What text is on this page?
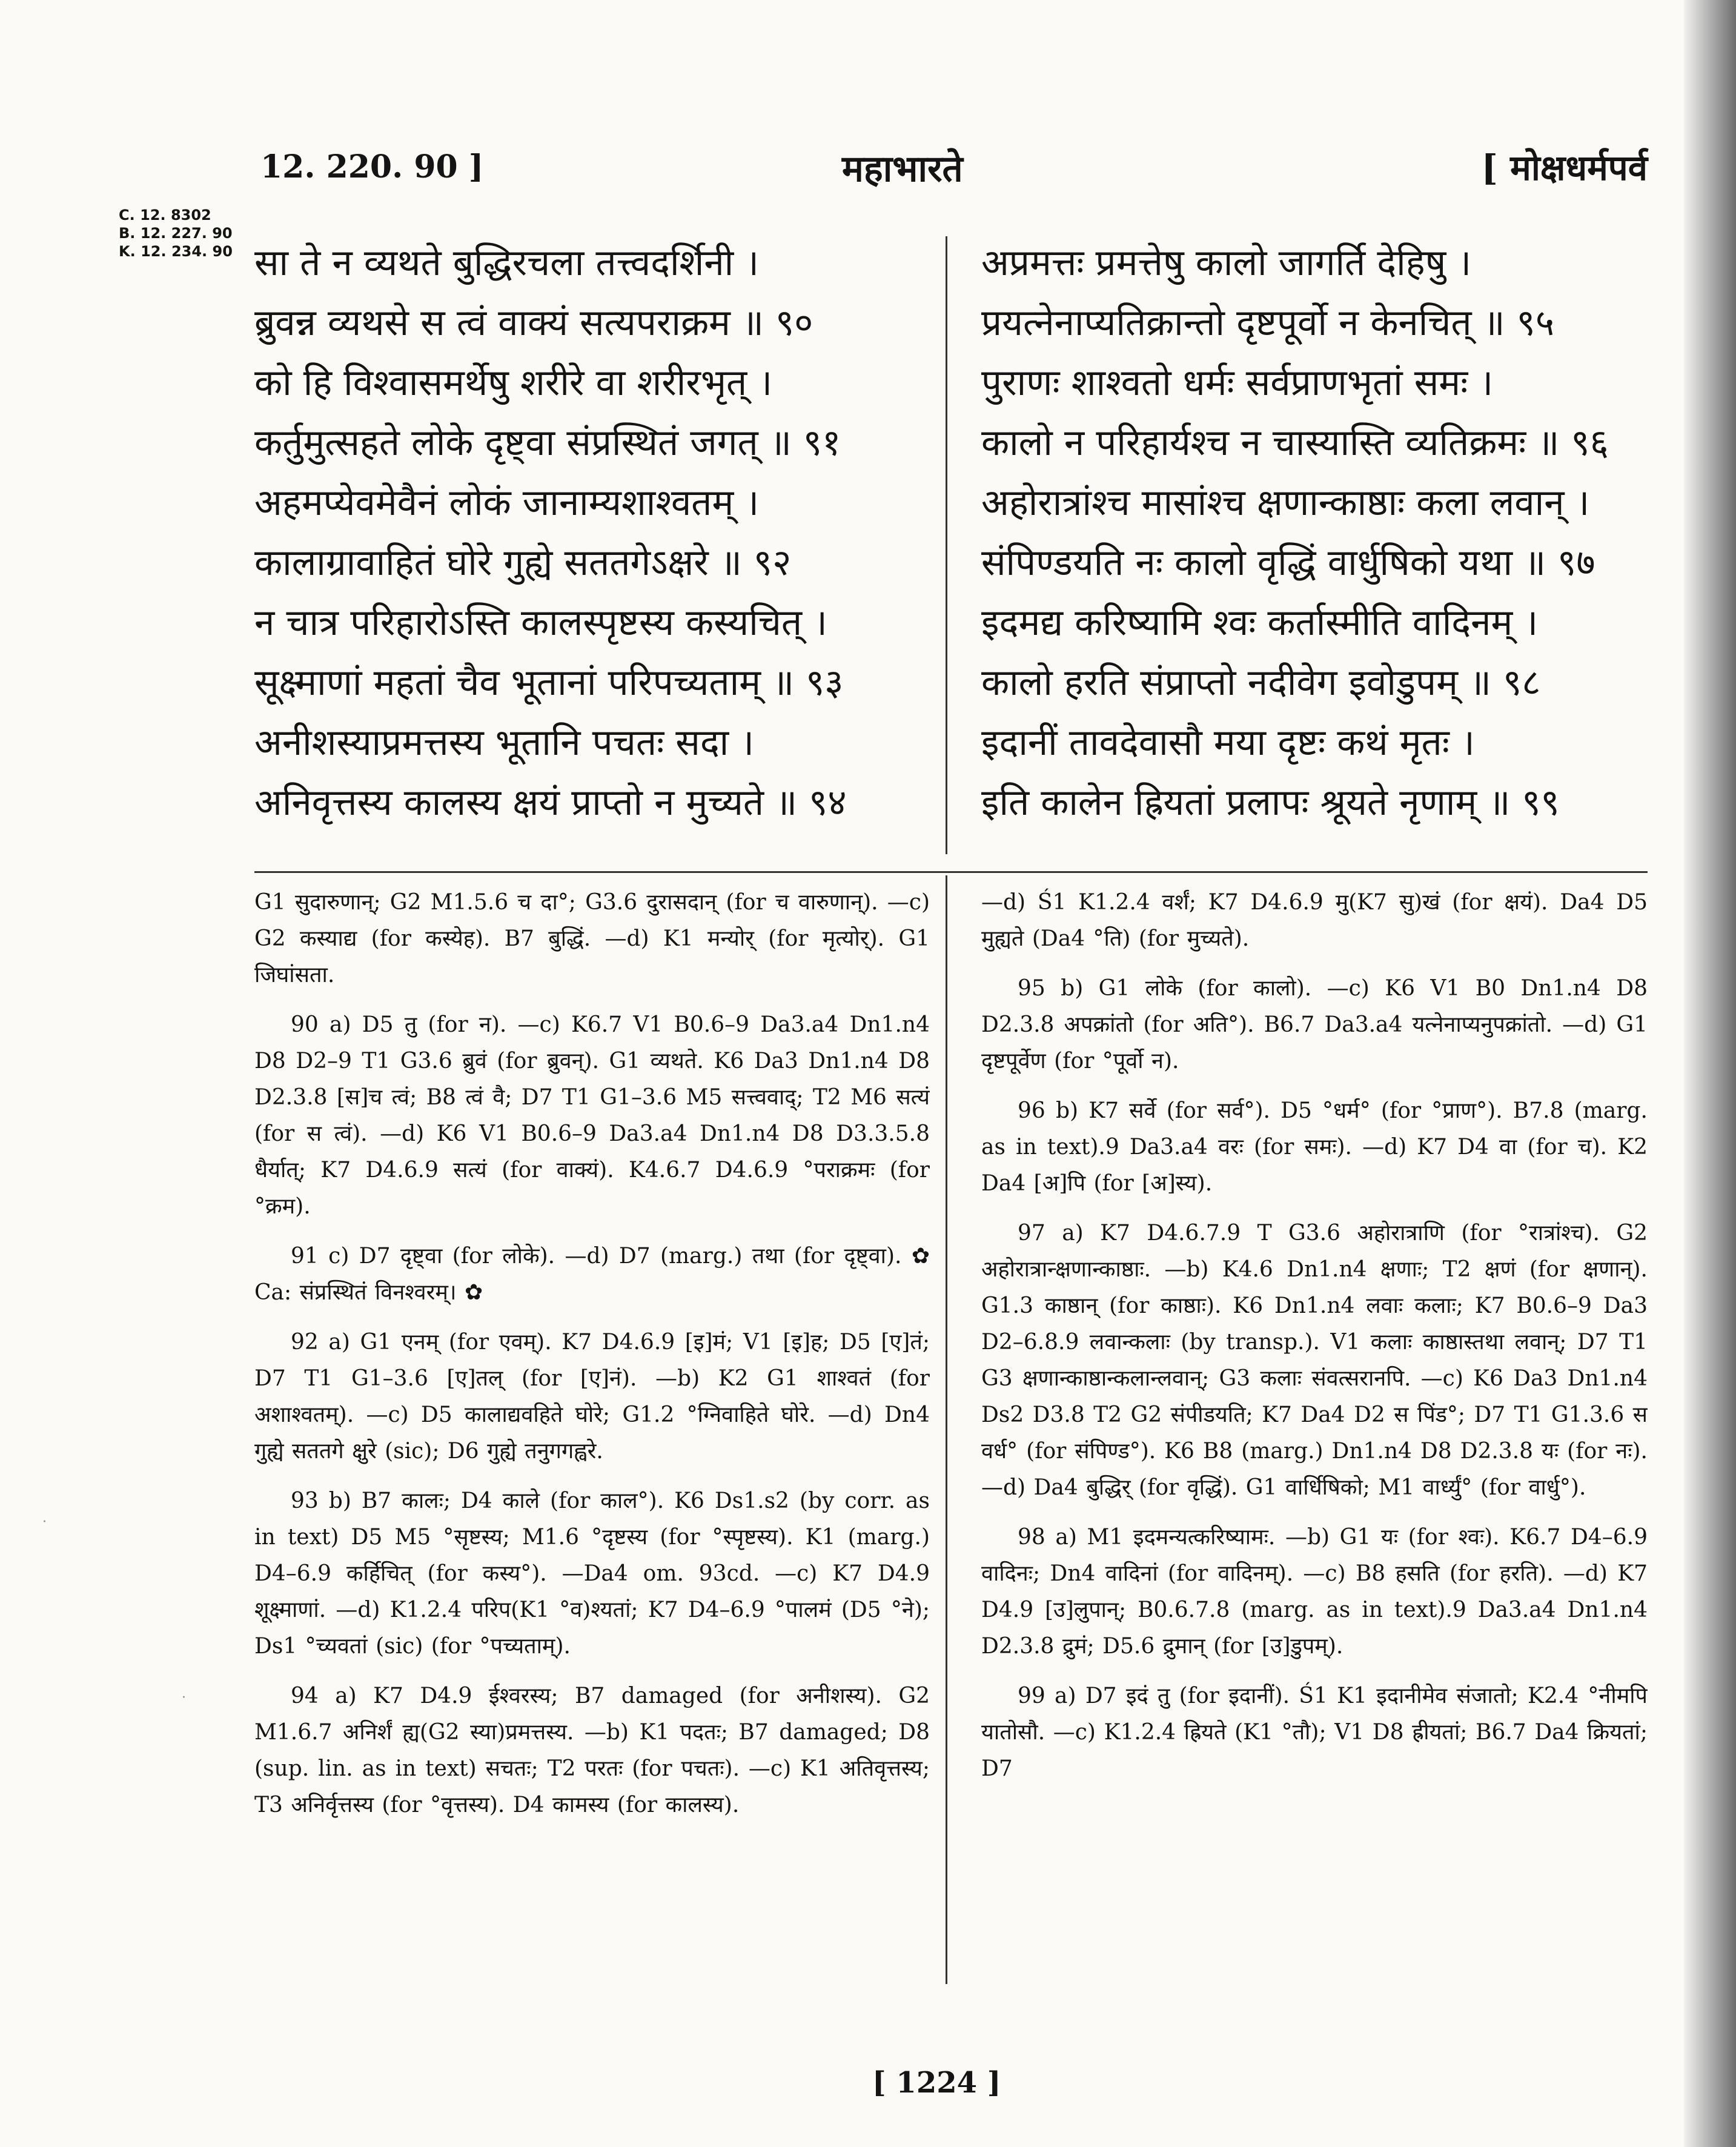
12. 220. 90 ]	महाभारते	[ मोक्षधर्मपर्व
C. 12. 8302
B. 12. 227. 90
K. 12. 234. 90 सा ते न व्यथते बुद्धिरचला तत्त्वदर्शिनी ।
ब्रुवन्न व्यथसे स त्वं वाक्यं सत्यपराक्रम ॥ ९०
को हि विश्वासमर्थेषु शरीरे वा शरीरभृत् ।
कर्तुमुत्सहते लोके दृष्ट्वा संप्रस्थितं जगत् ॥ ९१
अहमप्येवमेवैनं लोकं जानाम्यशाश्वतम् ।
कालाग्रावाहितं घोरे गुह्ये सततगेऽक्षरे ॥ ९२
न चात्र परिहारोऽस्ति कालस्पृष्टस्य कस्यचित् ।
सूक्ष्माणां महतां चैव भूतानां परिपच्यताम् ॥ ९३
अनीशस्याप्रमत्तस्य भूतानि पचतः सदा ।
अनिवृत्तस्य कालस्य क्षयं प्राप्तो न मुच्यते ॥ ९४
अप्रमत्तः प्रमत्तेषु कालो जागर्ति देहिषु ।
प्रयत्नेनाप्यतिक्रान्तो दृष्टपूर्वो न केनचित् ॥ ९५
पुराणः शाश्वतो धर्मः सर्वप्राणभृतां समः ।
कालो न परिहार्यश्च न चास्यास्ति व्यतिक्रमः ॥ ९६
अहोरात्रांश्च मासांश्च क्षणान्काष्ठाः कला लवान् ।
संपिण्डयति नः कालो वृद्धिं वार्धुषिको यथा ॥ ९७
इदमद्य करिष्यामि श्वः कर्तास्मीति वादिनम् ।
कालो हरति संप्राप्तो नदीवेग इवोडुपम् ॥ ९८
इदानीं तावदेवासौ मया दृष्टः कथं मृतः ।
इति कालेन ह्रियतां प्रलापः श्रूयते नृणाम् ॥ ९९

G1 सुदारुणान्; G2 M1.5.6 च दा°; G3.6 दुरासदान् (for च वारुणान्). —c) G2 कस्याद्य (for कस्येह). B7 बुद्धिं. —d) K1 मन्योर् (for मृत्योर्). G1 जिघांसता.

90 a) D5 तु (for न). —c) K6.7 V1 B0.6–9 Da3.a4 Dn1.n4 D8 D2–9 T1 G3.6 ब्रुवं (for ब्रुवन्). G1 व्यथते. K6 Da3 Dn1.n4 D8 D2.3.8 [स]च त्वं; B8 त्वं वै; D7 T1 G1–3.6 M5 सत्त्ववाद्; T2 M6 सत्यं (for स त्वं). —d) K6 V1 B0.6–9 Da3.a4 Dn1.n4 D8 D3.3.5.8 धैर्यात्; K7 D4.6.9 सत्यं (for वाक्यं). K4.6.7 D4.6.9 °पराक्रमः (for °क्रम).

91 c) D7 दृष्ट्वा (for लोके). —d) D7 (marg.) तथा (for दृष्ट्वा). ✿ Ca: संप्रस्थितं विनश्वरम्। ✿

92 a) G1 एनम् (for एवम्). K7 D4.6.9 [इ]मं; V1 [इ]ह; D5 [ए]तं; D7 T1 G1–3.6 [ए]तल् (for [ए]नं). —b) K2 G1 शाश्वतं (for अशाश्वतम्). —c) D5 कालाद्यवहिते घोरे; G1.2 °ग्निवाहिते घोरे. —d) Dn4 गुह्ये सततगे क्षुरे (sic); D6 गुह्ये तनुगगह्वरे.

93 b) B7 कालः; D4 काले (for काल°). K6 Ds1.s2 (by corr. as in text) D5 M5 °सृष्टस्य; M1.6 °दृष्टस्य (for °स्पृष्टस्य). K1 (marg.) D4–6.9 कर्हिचित् (for कस्य°). —Da4 om. 93cd. —c) K7 D4.9 शूक्ष्माणां. —d) K1.2.4 परिप(K1 °व)श्यतां; K7 D4–6.9 °पालमं (D5 °ने); Ds1 °च्यवतां (sic) (for °पच्यताम्).

94 a) K7 D4.9 ईश्वरस्य; B7 damaged (for अनीशस्य). G2 M1.6.7 अनिर्शं ह्य(G2 स्या)प्रमत्तस्य. —b) K1 पदतः; B7 damaged; D8 (sup. lin. as in text) सचतः; T2 परतः (for पचतः). —c) K1 अतिवृत्तस्य; T3 अनिर्वृत्तस्य (for °वृत्तस्य). D4 कामस्य (for कालस्य).

—d) Ś1 K1.2.4 वर्शं; K7 D4.6.9 मु(K7 सु)खं (for क्षयं). Da4 D5 मुह्यते (Da4 °ति) (for मुच्यते).

95 b) G1 लोके (for कालो). —c) K6 V1 B0 Dn1.n4 D8 D2.3.8 अपक्रांतो (for अति°). B6.7 Da3.a4 यत्नेनाप्यनुपक्रांतो. —d) G1 दृष्टपूर्वेण (for °पूर्वो न).

96 b) K7 सर्वे (for सर्व°). D5 °धर्म° (for °प्राण°). B7.8 (marg. as in text).9 Da3.a4 वरः (for समः). —d) K7 D4 वा (for च). K2 Da4 [अ]पि (for [अ]स्य).

97 a) K7 D4.6.7.9 T G3.6 अहोरात्राणि (for °रात्रांश्च). G2 अहोरात्रान्क्षणान्काष्ठाः. —b) K4.6 Dn1.n4 क्षणाः; T2 क्षणं (for क्षणान्). G1.3 काष्ठान् (for काष्ठाः). K6 Dn1.n4 लवाः कलाः; K7 B0.6–9 Da3 D2–6.8.9 लवान्कलाः (by transp.). V1 कलाः काष्ठास्तथा लवान्; D7 T1 G3 क्षणान्काष्ठान्कलान्लवान्; G3 कलाः संवत्सरानपि. —c) K6 Da3 Dn1.n4 Ds2 D3.8 T2 G2 संपीडयति; K7 Da4 D2 स पिंड°; D7 T1 G1.3.6 स वर्ध° (for संपिण्ड°). K6 B8 (marg.) Dn1.n4 D8 D2.3.8 यः (for नः). —d) Da4 बुद्धिर् (for वृद्धिं). G1 वार्धिषिको; M1 वार्ध्युं° (for वार्धु°).

98 a) M1 इदमन्यत्करिष्यामः. —b) G1 यः (for श्वः). K6.7 D4–6.9 वादिनः; Dn4 वादिनां (for वादिनम्). —c) B8 हसति (for हरति). —d) K7 D4.9 [उ]लुपान्; B0.6.7.8 (marg. as in text).9 Da3.a4 Dn1.n4 D2.3.8 द्रुमं; D5.6 द्रुमान् (for [उ]डुपम्).

99 a) D7 इदं तु (for इदानीं). Ś1 K1 इदानीमेव संजातो; K2.4 °नीमपि यातोसौ. —c) K1.2.4 ह्रियते (K1 °तौ); V1 D8 ह्रीयतां; B6.7 Da4 क्रियतां; D7

[ 1224 ]
·
·
